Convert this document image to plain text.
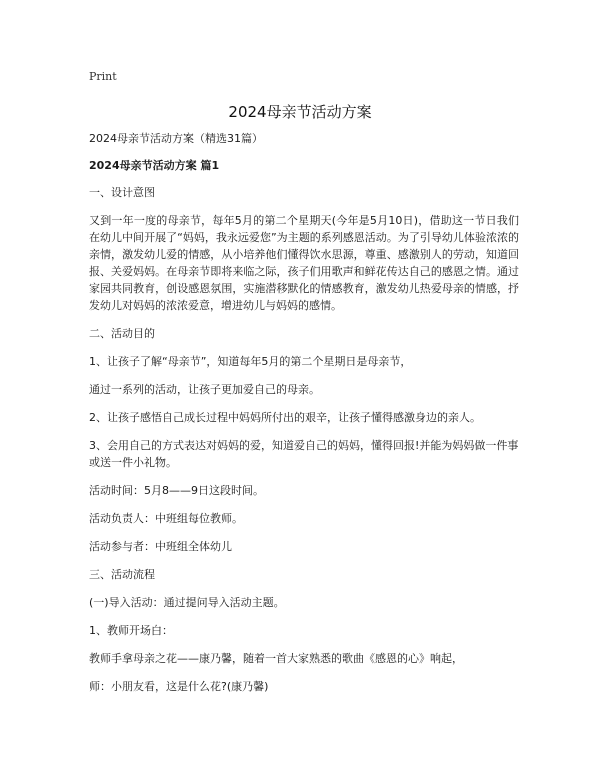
Print
2024母亲节活动方案

2024母亲节活动方案（精选31篇）

2024母亲节活动方案 篇1

一、设计意图

又到一年一度的母亲节，每年5月的第二个星期天(今年是5月10日)，借助这一节日我们在幼儿中间开展了“妈妈，我永远爱您”为主题的系列感恩活动。为了引导幼儿体验浓浓的亲情，激发幼儿爱的情感，从小培养他们懂得饮水思源，尊重、感激别人的劳动，知道回报、关爱妈妈。在母亲节即将来临之际，孩子们用歌声和鲜花传达自己的感恩之情。通过家园共同教育，创设感恩氛围，实施潜移默化的情感教育，激发幼儿热爱母亲的情感，抒发幼儿对妈妈的浓浓爱意，增进幼儿与妈妈的感情。

二、活动目的

1、让孩子了解“母亲节”，知道每年5月的第二个星期日是母亲节，

通过一系列的活动，让孩子更加爱自己的母亲。

2、让孩子感悟自己成长过程中妈妈所付出的艰辛，让孩子懂得感激身边的亲人。

3、会用自己的方式表达对妈妈的爱，知道爱自己的妈妈，懂得回报!并能为妈妈做一件事或送一件小礼物。

活动时间：5月8——9日这段时间。

活动负责人：中班组每位教师。

活动参与者：中班组全体幼儿

三、活动流程

(一)导入活动：通过提问导入活动主题。

1、教师开场白：

教师手拿母亲之花——康乃馨，随着一首大家熟悉的歌曲《感恩的心》响起，

师：小朋友看，这是什么花?(康乃馨)
